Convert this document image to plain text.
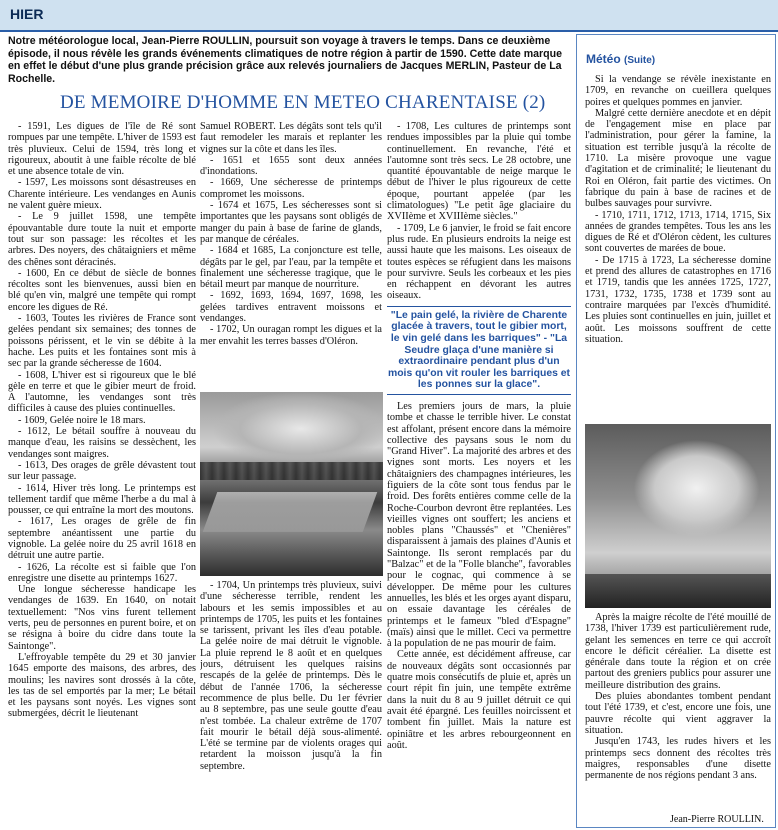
HIER
Notre météorologue local, Jean-Pierre ROULLIN, poursuit son voyage à travers le temps. Dans ce deuxième épisode, il nous révèle les grands événements climatiques de notre région à partir de 1590. Cette date marque en effet le début d'une plus grande précision grâce aux relevés journaliers de Jacques MERLIN, Pasteur de La Rochelle.
DE MEMOIRE D'HOMME EN METEO CHARENTAISE (2)

- 1591, Les digues de l'île de Ré sont rompues par une tempête. L'hiver de 1593 est très pluvieux. Celui de 1594, très long et rigoureux, aboutit à une faible récolte de blé et une absence totale de vin.

- 1597, Les moissons sont désastreuses en Charente intérieure. Les vendanges en Aunis ne valent guère mieux.

- Le 9 juillet 1598, une tempête épouvantable dure toute la nuit et emporte tout sur son passage: les récoltes et les arbres. Des noyers, des châtaigniers et même des chênes sont déracinés.

- 1600, En ce début de siècle de bonnes récoltes sont les bienvenues, aussi bien en blé qu'en vin, malgré une tempête qui rompt encore les digues de Ré.

- 1603, Toutes les rivières de France sont gelées pendant six semaines; des tonnes de poissons périssent, et le vin se débite à la hache. Les puits et les fontaines sont mis à sec par la grande sécheresse de 1604.

- 1608, L'hiver est si rigoureux que le blé gèle en terre et que le gibier meurt de froid. A l'automne, les vendanges sont très difficiles à cause des pluies continuelles.

- 1609, Gelée noire le 18 mars.

- 1612, Le bétail souffre à nouveau du manque d'eau, les raisins se dessèchent, les vendanges sont maigres.

- 1613, Des orages de grêle dévastent tout sur leur passage.

- 1614, Hiver très long. Le printemps est tellement tardif que même l'herbe a du mal à pousser, ce qui entraîne la mort des moutons.

- 1617, Les orages de grêle de fin septembre anéantissent une partie du vignoble. La gelée noire du 25 avril 1618 en détruit une autre partie.

- 1626, La récolte est si faible que l'on enregistre une disette au printemps 1627.

Une longue sécheresse handicape les vendanges de 1639. En 1640, on notait textuellement: "Nos vins furent tellement verts, peu de personnes en purent boire, et on se résigna à boire du cidre dans toute la Saintonge".

L'effroyable tempête du 29 et 30 janvier 1645 emporte des maisons, des arbres, des moulins; les navires sont drossés à la côte, les tas de sel emportés par la mer; Le bétail et les paysans sont noyés. Les vignes sont submergées, décrit le lieutenant

Samuel ROBERT. Les dégâts sont tels qu'il faut remodeler les marais et replanter les vignes sur la côte et dans les îles.

- 1651 et 1655 sont deux années d'inondations.

- 1669, Une sécheresse de printemps compromet les moissons.

- 1674 et 1675, Les sécheresses sont si importantes que les paysans sont obligés de manger du pain à base de farine de glands, par manque de céréales.

- 1684 et 1685, La conjoncture est telle, dégâts par le gel, par l'eau, par la tempête et finalement une sécheresse tragique, que le bétail meurt par manque de nourriture.

- 1692, 1693, 1694, 1697, 1698, les gelées tardives entravent moissons et vendanges.

- 1702, Un ouragan rompt les digues et la mer envahit les terres basses d'Oléron.

- 1704, Un printemps très pluvieux, suivi d'une sécheresse terrible, rendent les labours et les semis impossibles et au printemps de 1705, les puits et les fontaines se tarissent, privant les îles d'eau potable. La gelée noire de mai détruit le vignoble. La pluie reprend le 8 août et en quelques jours, détruisent les quelques raisins rescapés de la gelée de printemps. Dès le début de l'année 1706, la sécheresse recommence de plus belle. Du 1er février au 8 septembre, pas une seule goutte d'eau n'est tombée. La chaleur extrême de 1707 fait mourir le bétail déjà sous-alimenté. L'été se termine par de violents orages qui retardent la moisson jusqu'à la fin septembre.

- 1708, Les cultures de printemps sont rendues impossibles par la pluie qui tombe continuellement. En revanche, l'été et l'automne sont très secs. Le 28 octobre, une quantité épouvantable de neige marque le début de l'hiver le plus rigoureux de cette époque, pourtant appelée (par les climatologues) "Le petit âge glaciaire du XVIIème et XVIIIème siècles."

- 1709, Le 6 janvier, le froid se fait encore plus rude. En plusieurs endroits la neige est aussi haute que les maisons. Les oiseaux de toutes espèces se réfugient dans les maisons pour survivre. Seuls les corbeaux et les pies en réchappent en dévorant les autres oiseaux.

"Le pain gelé, la rivière de Charente glacée à travers, tout le gibier mort, le vin gelé dans les barriques" - "La Seudre glaça d'une manière si extraordinaire pendant plus d'un mois qu'on vit rouler les barriques et les ponnes sur la glace".

Les premiers jours de mars, la pluie tombe et chasse le terrible hiver. Le constat est affolant, présent encore dans la mémoire collective des paysans sous le nom du "Grand Hiver". La majorité des arbres et des vignes sont morts. Les noyers et les châtaigniers des champagnes intérieures, les figuiers de la côte sont tous fendus par le froid. Des forêts entières comme celle de la Roche-Courbon devront être replantées. Les vieilles vignes ont souffert; les anciens et nobles plans "Chaussés" et "Chenières" disparaissent à jamais des plaines d'Aunis et Saintonge. Ils seront remplacés par du "Balzac" et de la "Folle blanche", favorables pour le cognac, qui commence à se développer. De même pour les cultures annuelles, les blés et les orges ayant disparu, on essaie davantage les céréales de printemps et le fameux "bled d'Espagne" (maïs) ainsi que le millet. Ceci va permettre à la population de ne pas mourir de faim.

Cette année, est décidément affreuse, car de nouveaux dégâts sont occasionnés par quatre mois consécutifs de pluie et, après un court répit fin juin, une tempête extrême dans la nuit du 8 au 9 juillet détruit ce qui avait été épargné. Les feuilles noircissent et tombent fin juillet. Mais la nature est opiniâtre et les arbres rebourgeonnent en août.

Météo (Suite)

Si la vendange se révèle inexistante en 1709, en revanche on cueillera quelques poires et quelques pommes en janvier.

Malgré cette dernière anecdote et en dépit de l'engagement mise en place par l'administration, pour gérer la famine, la situation est terrible jusqu'à la récolte de 1710. La misère provoque une vague d'agitation et de criminalité; le lieutenant du Roi en Oléron, fait partie des victimes. On fabrique du pain à base de racines et de bulbes sauvages pour survivre.

- 1710, 1711, 1712, 1713, 1714, 1715, Six années de grandes tempêtes. Tous les ans les digues de Ré et d'Oléron cèdent, les cultures sont couvertes de marées de boue.

- De 1715 à 1723, La sécheresse domine et prend des allures de catastrophes en 1716 et 1719, tandis que les années 1725, 1727, 1731, 1732, 1735, 1738 et 1739 sont au contraire marquées par l'excès d'humidité. Les pluies sont continuelles en juin, juillet et août. Les moissons souffrent de cette situation.

Après la maigre récolte de l'été mouillé de 1738, l'hiver 1739 est particulièrement rude, gelant les semences en terre ce qui accroît encore le déficit céréalier. La disette est générale dans toute la région et on crée partout des greniers publics pour assurer une meilleure distribution des grains.

Des pluies abondantes tombent pendant tout l'été 1739, et c'est, encore une fois, une pauvre récolte qui vient aggraver la situation.

Jusqu'en 1743, les rudes hivers et les printemps secs donnent des récoltes très maigres, responsables d'une disette permanente de nos régions pendant 3 ans.

Jean-Pierre ROULLIN.
